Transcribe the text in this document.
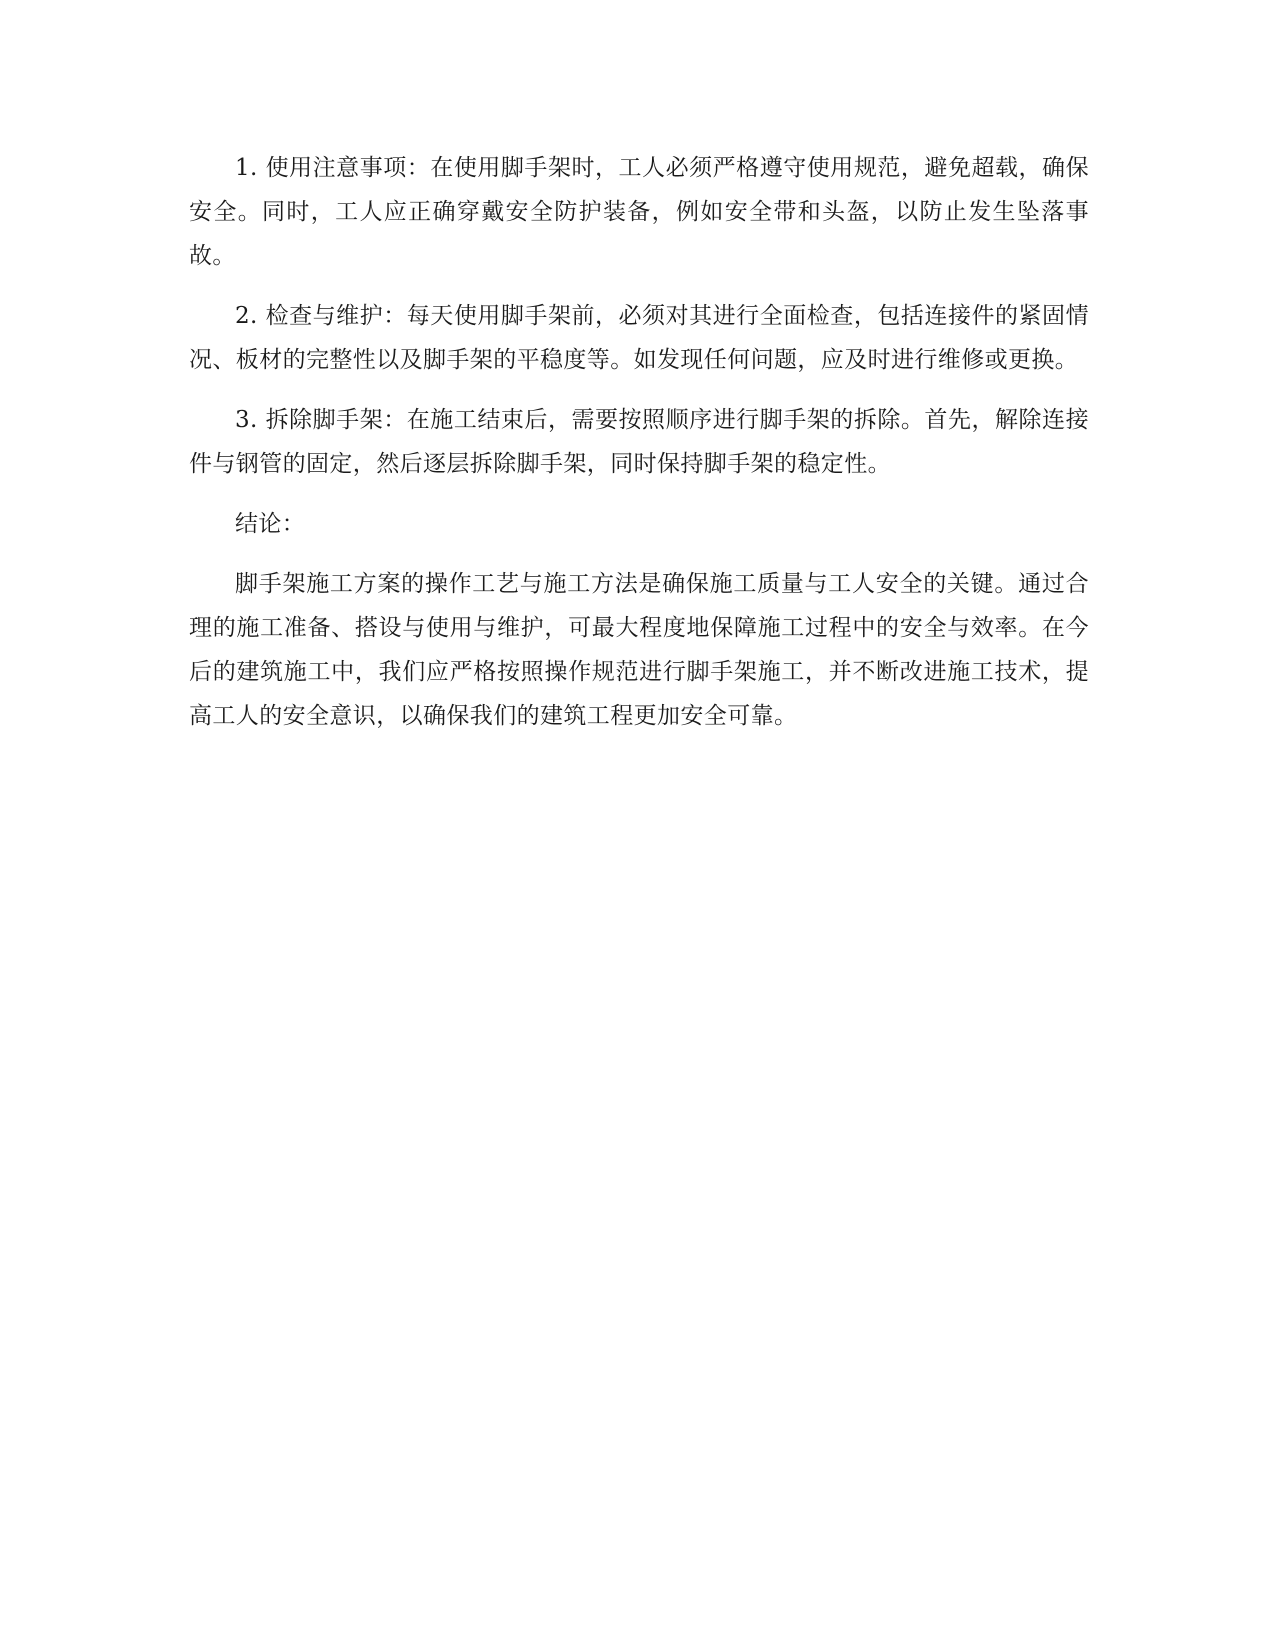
1. 使用注意事项：在使用脚手架时，工人必须严格遵守使用规范，避免超载，确保安全。同时，工人应正确穿戴安全防护装备，例如安全带和头盔，以防止发生坠落事故。

2. 检查与维护：每天使用脚手架前，必须对其进行全面检查，包括连接件的紧固情况、板材的完整性以及脚手架的平稳度等。如发现任何问题，应及时进行维修或更换。

3. 拆除脚手架：在施工结束后，需要按照顺序进行脚手架的拆除。首先，解除连接件与钢管的固定，然后逐层拆除脚手架，同时保持脚手架的稳定性。

结论：

脚手架施工方案的操作工艺与施工方法是确保施工质量与工人安全的关键。通过合理的施工准备、搭设与使用与维护，可最大程度地保障施工过程中的安全与效率。在今后的建筑施工中，我们应严格按照操作规范进行脚手架施工，并不断改进施工技术，提高工人的安全意识，以确保我们的建筑工程更加安全可靠。
